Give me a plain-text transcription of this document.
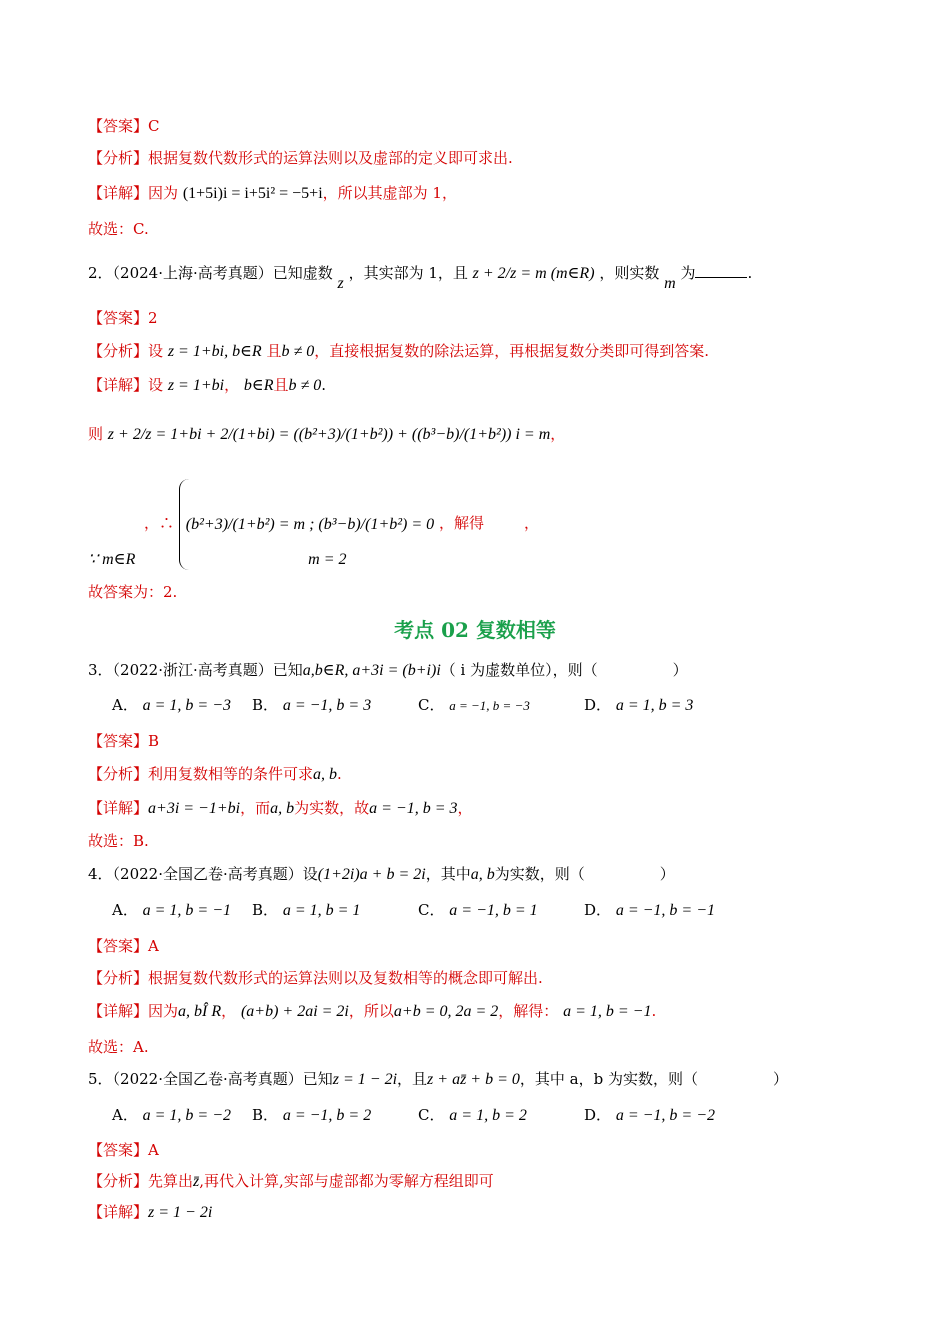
【答案】C
【分析】根据复数代数形式的运算法则以及虚部的定义即可求出.
【详解】因为 (1+5i)i = i+5i² = −5+i，所以其虚部为 1，
故选：C.
2．（2024·上海·高考真题）已知虚数 z ，其实部为 1，且 z + 2/z = m (m∈R) ，则实数 m 为	.
【答案】2
【分析】设 z = 1+bi, b∈R 且b ≠ 0，直接根据复数的除法运算，再根据复数分类即可得到答案.
【详解】设 z = 1+bi， b∈R且b ≠ 0.
则 z + 2/z = 1+bi + 2/(1+bi) = ((b²+3)/(1+b²)) + ((b³−b)/(1+b²)) i = m，
，∴ (b²+3)/(1+b²) = m ; (b³−b)/(1+b²) = 0 ，解得	，
∵ m∈R	m = 2
故答案为：2.
考点 02 复数相等
3．（2022·浙江·高考真题）已知a,b∈R, a+3i = (b+i)i（ i 为虚数单位），则（　　　　　）
A． a = 1, b = −3 B． a = −1, b = 3	C． a = −1, b = −3	D． a = 1, b = 3
【答案】B
【分析】利用复数相等的条件可求a, b.
【详解】a+3i = −1+bi，而a, b为实数，故a = −1, b = 3，
故选：B.
4．（2022·全国乙卷·高考真题）设(1+2i)a + b = 2i，其中a, b为实数，则（　　　　　）
A． a = 1, b = −1 B． a = 1, b = 1	C． a = −1, b = 1	D． a = −1, b = −1
【答案】A
【分析】根据复数代数形式的运算法则以及复数相等的概念即可解出.
【详解】因为a, bÎ R， (a+b) + 2ai = 2i，所以a+b = 0, 2a = 2，解得： a = 1, b = −1.
故选：A.
5．（2022·全国乙卷·高考真题）已知z = 1 − 2i，且z + az̄ + b = 0，其中 a，b 为实数，则（　　　　　）
A． a = 1, b = −2 B． a = −1, b = 2	C． a = 1, b = 2	D． a = −1, b = −2
【答案】A
【分析】先算出z̄,再代入计算,实部与虚部都为零解方程组即可
【详解】z = 1 − 2i
